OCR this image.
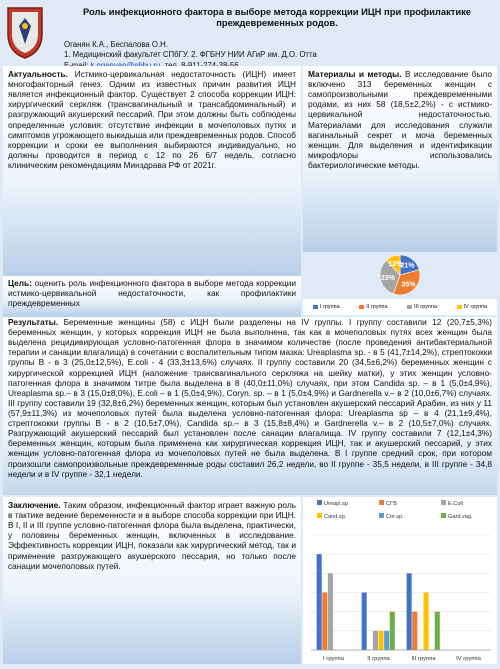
Роль инфекционного фактора в выборе метода коррекции ИЦН при профилактике преждевременных родов.
Оганян К.А., Беспалова О.Н.
1. Медицинский факультет СПбГУ. 2. ФГБНУ НИИ АГиР им. Д.О. Отта
Актуальность. Истмико-цервикальная недостаточность (ИЦН) имеет многофакторный генез. Одним из известных причин развития ИЦН является инфекционный фактор. Существует 2 способа коррекции ИЦН: хирургический серкляж (трансвагинальный и трансабдоминальный) и разгружающий акушерский пессарий. При этом должны быть соблюдены определенные условия: отсутствие инфекции в мочеполовых путях и симптомов угрожающего выкидыша или преждевременных родов. Способ коррекции и сроки ее выполнения выбираются индивидуально, но должны проводится в период с 12 по 26 6/7 недель, согласно клиническим рекомендациям Минздрава РФ от 2021г.
Цель: оценить роль инфекционного фактора в выборе метода коррекции истмико-цервикальной недостаточности, как профилактики преждевременных
Материалы и методы. В исследование было включено 313 беременных женщин с самопроизвольными преждевременными родами, из них 58 (18,5±2,2%) - с истмико-цервикальной недостаточностью. Материалами для исследования служили вагинальный секрет и моча беременных женщин. Для выделения и идентификации микрофлоры использовались бактериологические методы.
21%
35%
33%
12%
I группа	II группа	III группа	IV группа
Результаты. Беременные женщины (58) с ИЦН были разделены на IV группы. I группу составили 12 (20,7±5,3%) беременных женщин, у которых коррекция ИЦН не была выполнена, так как в мочеполовых путях всех женщин была выделена рецидивирующая условно-патогенная флора в значимом количестве (после проведения антибактериальной терапии и санации влагалища) в сочетании с воспалительным типом мазка: Ureaplasma sp. - в 5 (41,7±14,2%), стрептококки группы В - в 3 (25,0±12,5%), E.coli - 4 (33,3±13,6%) случаях. II группу составили 20 (34,5±6,2%) беременных женщин с хирургической коррекцией ИЦН (наложение трансвагинального серкляжа на шейку матки), у этих женщин условно-патогенная флора в значимом титре была выделена в 8 (40,0±11,0%) случаях, при этом Candida sp. – в 1 (5,0±4,9%), Ureaplasma sp.– в 3 (15,0±8,0%), E.coli – в 1 (5,0±4,9%), Coryn. sp. – в 1 (5,0±4,9%) и Gardnerella v.– в 2 (10,0±6,7%) случаях. III группу составили 19 (32,8±6,2%) беременных женщин, которым был установлен акушерский пессарий Арабин, из них у 11 (57,9±11,3%) из мочеполовых путей была выделена условно-патогенная флора: Ureaplasma sp – в 4 (21,1±9,4%), стрептококки группы В - в 2 (10,5±7,0%), Candida sp.– в 3 (15,8±8,4%) и Gardnerella v.– в 2 (10,5±7,0%) случаях. Разгружающий акушерский пессарий был установлен после санации влагалища. IV группу составили 7 (12,1±4,3%) беременных женщин, которым была применена как хирургическая коррекция ИЦН, так и акушерский пессарий, у этих женщин условно-патогенная флора из мочеполовых путей не была выделена. В I группе средний срок, при котором произошли самопроизвольные преждевременные роды составил 26,2 недели, во II группе - 35,5 недели, в III группе - 34,8 недели и в IV группе - 32,1 недели.
Заключение. Таким образом, инфекционный фактор играет важную роль в тактике ведение беременности и в выборе способа коррекции при ИЦН. В I, II и III группе условно-патогенная флора была выделена, практически, у половины беременных женщин, включенных в исследование. Эффективность коррекции ИЦН, показали как хирургический метод, так и применение разгружающего акушерского пессария, но только после санации мочеполовых путей.
Ureapl.sp	СГВ	E.Coli
Cand.sp.	Cor.sp.	Gard.vag.
I группа	II группа	III группа	IV группа
